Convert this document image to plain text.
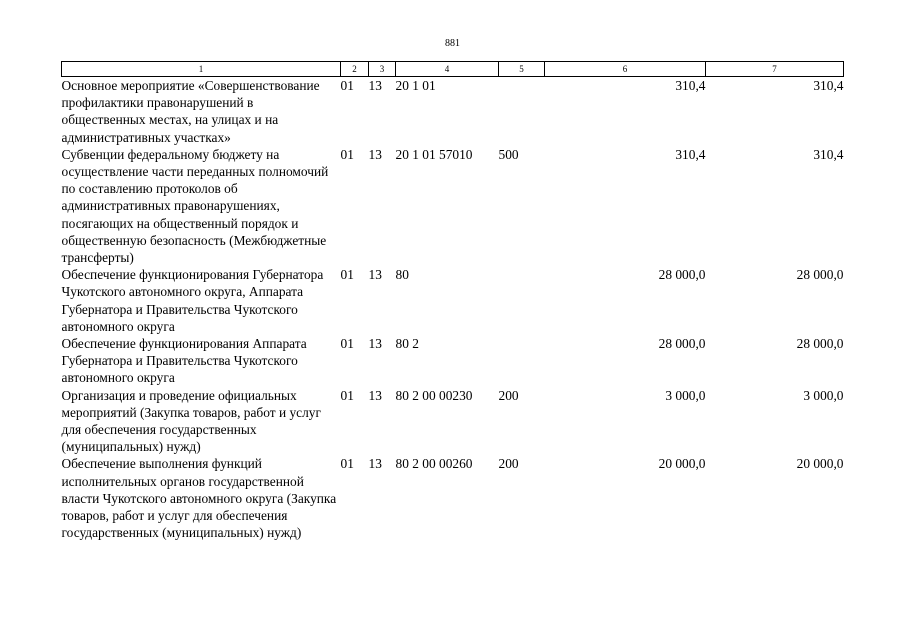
881
1	2	3	4	5	6	7
Основное мероприятие «Совершенствование профилактики правонарушений в общественных местах, на улицах и на административных участках»	01	13	20 1 01		310,4	310,4
Субвенции федеральному бюджету на осуществление части переданных полномочий по составлению протоколов об административных правонарушениях, посягающих на общественный порядок и общественную безопасность (Межбюджетные трансферты)	01	13	20 1 01 57010	500	310,4	310,4
Обеспечение функционирования Губернатора Чукотского автономного округа, Аппарата Губернатора и Правительства Чукотского автономного округа	01	13	80		28 000,0	28 000,0
Обеспечение функционирования Аппарата Губернатора и Правительства Чукотского автономного округа	01	13	80 2		28 000,0	28 000,0
Организация и проведение официальных мероприятий (Закупка товаров, работ и услуг для обеспечения государственных (муниципальных) нужд)	01	13	80 2 00 00230	200	3 000,0	3 000,0
Обеспечение выполнения функций исполнительных органов государственной власти Чукотского автономного округа (Закупка товаров, работ и услуг для обеспечения государственных (муниципальных) нужд)	01	13	80 2 00 00260	200	20 000,0	20 000,0
